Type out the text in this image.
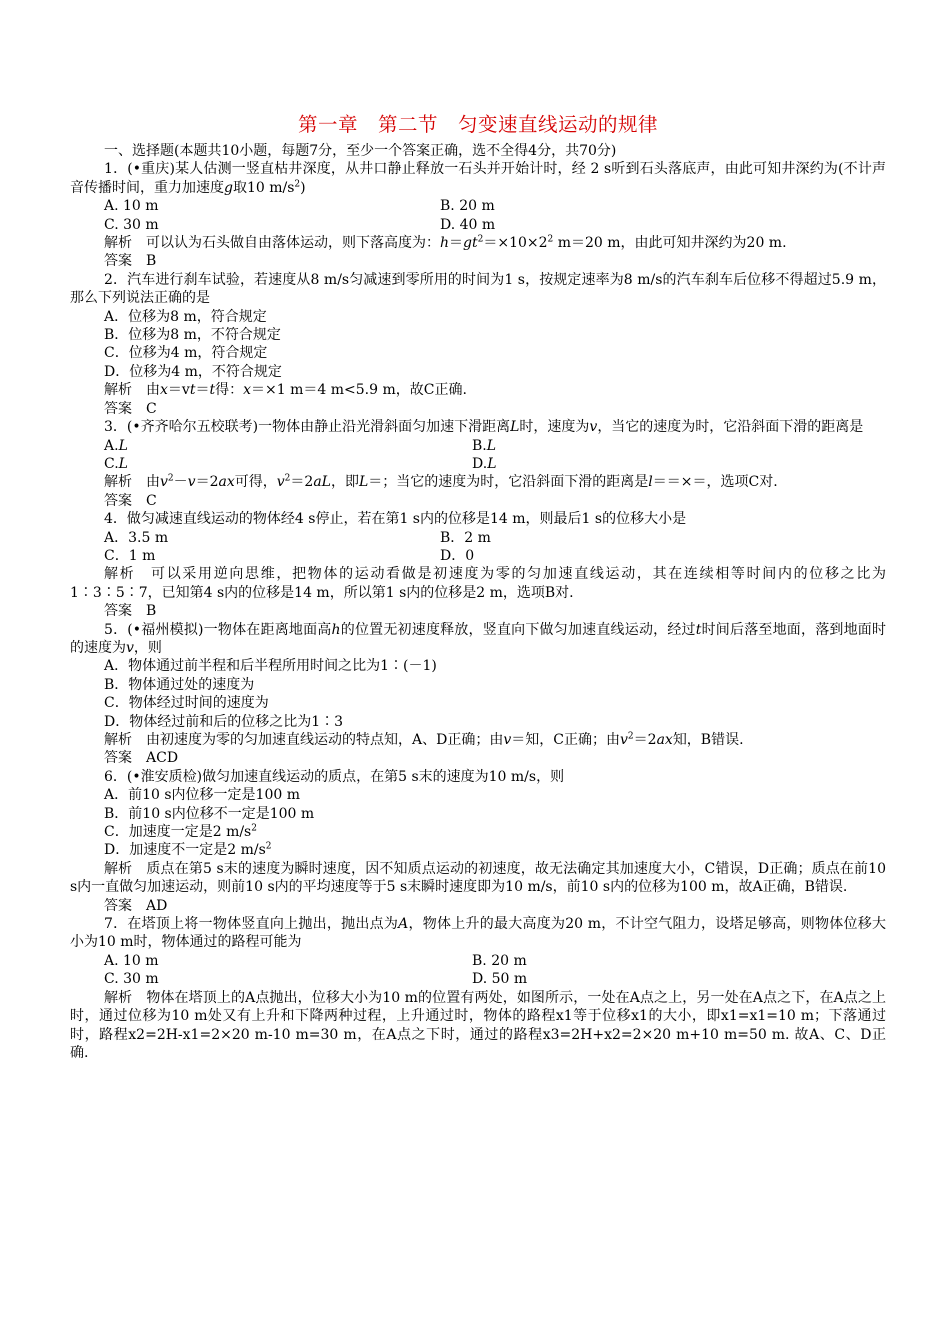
第一章　第二节　匀变速直线运动的规律

一、选择题(本题共10小题，每题7分，至少一个答案正确，选不全得4分，共70分)

1．(•重庆)某人估测一竖直枯井深度，从井口静止释放一石头并开始计时，经 2 s听到石头落底声，由此可知井深约为(不计声音传播时间，重力加速度g取10 $m/s^2$)

A. 10 m	B. 20 m
C. 30 m	D. 40 m

解析　可以认为石头做自由落体运动，则下落高度为：$h=gt^2=\times 10\times 2^2$ m＝20 m，由此可知井深约为20 m.

答案　B

2．汽车进行刹车试验，若速度从8 m/s匀减速到零所用的时间为1 s，按规定速率为8 m/s的汽车刹车后位移不得超过5.9 m，那么下列说法正确的是

A．位移为8 m，符合规定
B．位移为8 m，不符合规定
C．位移为4 m，符合规定
D．位移为4 m，不符合规定

解析　由x＝vt＝t得：x＝×1 m＝4 m<5.9 m，故C正确.

答案　C

3．(•齐齐哈尔五校联考)一物体由静止沿光滑斜面匀加速下滑距离L时，速度为v，当它的速度为时，它沿斜面下滑的距离是

A.L	B.L
C.L	D.L

解析　由$v^2-v=2ax$可得，$v^2=2aL$，即L＝；当它的速度为时，它沿斜面下滑的距离是l＝＝×＝，选项C对.

答案　C

4．做匀减速直线运动的物体经4 s停止，若在第1 s内的位移是14 m，则最后1 s的位移大小是

A．3.5 m	B．2 m
C．1 m	D．0

解析　可以采用逆向思维，把物体的运动看做是初速度为零的匀加速直线运动，其在连续相等时间内的位移之比为1∶3∶5∶7，已知第4 s内的位移是14 m，所以第1 s内的位移是2 m，选项B对.

答案　B

5．(•福州模拟)一物体在距离地面高h的位置无初速度释放，竖直向下做匀加速直线运动，经过t时间后落至地面，落到地面时的速度为v，则

A．物体通过前半程和后半程所用时间之比为1∶(－1)
B．物体通过处的速度为
C．物体经过时间的速度为
D．物体经过前和后的位移之比为1∶3

解析　由初速度为零的匀加速直线运动的特点知，A、D正确；由v＝知，C正确；由$v^2=2ax$知，B错误.

答案　ACD

6．(•淮安质检)做匀加速直线运动的质点，在第5 s末的速度为10 m/s，则

A．前10 s内位移一定是100 m
B．前10 s内位移不一定是100 m
C．加速度一定是2 $m/s^2$
D．加速度不一定是2 $m/s^2$

解析　质点在第5 s末的速度为瞬时速度，因不知质点运动的初速度，故无法确定其加速度大小，C错误，D正确；质点在前10 s内一直做匀加速运动，则前10 s内的平均速度等于5 s末瞬时速度即为10 m/s，前10 s内的位移为100 m，故A正确，B错误.

答案　AD

7．在塔顶上将一物体竖直向上抛出，抛出点为A，物体上升的最大高度为20 m，不计空气阻力，设塔足够高，则物体位移大小为10 m时，物体通过的路程可能为

A. 10 m	B. 20 m
C. 30 m	D. 50 m

解析　物体在塔顶上的A点抛出，位移大小为10 m的位置有两处，如图所示，一处在A点之上，另一处在A点之下，在A点之上时，通过位移为10 m处又有上升和下降两种过程，上升通过时，物体的路程x1等于位移x1的大小，即x1=x1=10 m；下落通过时，路程x2=2H-x1=2×20 m-10 m=30 m，在A点之下时，通过的路程x3=2H+x2=2×20 m+10 m=50 m. 故A、C、D正确.
